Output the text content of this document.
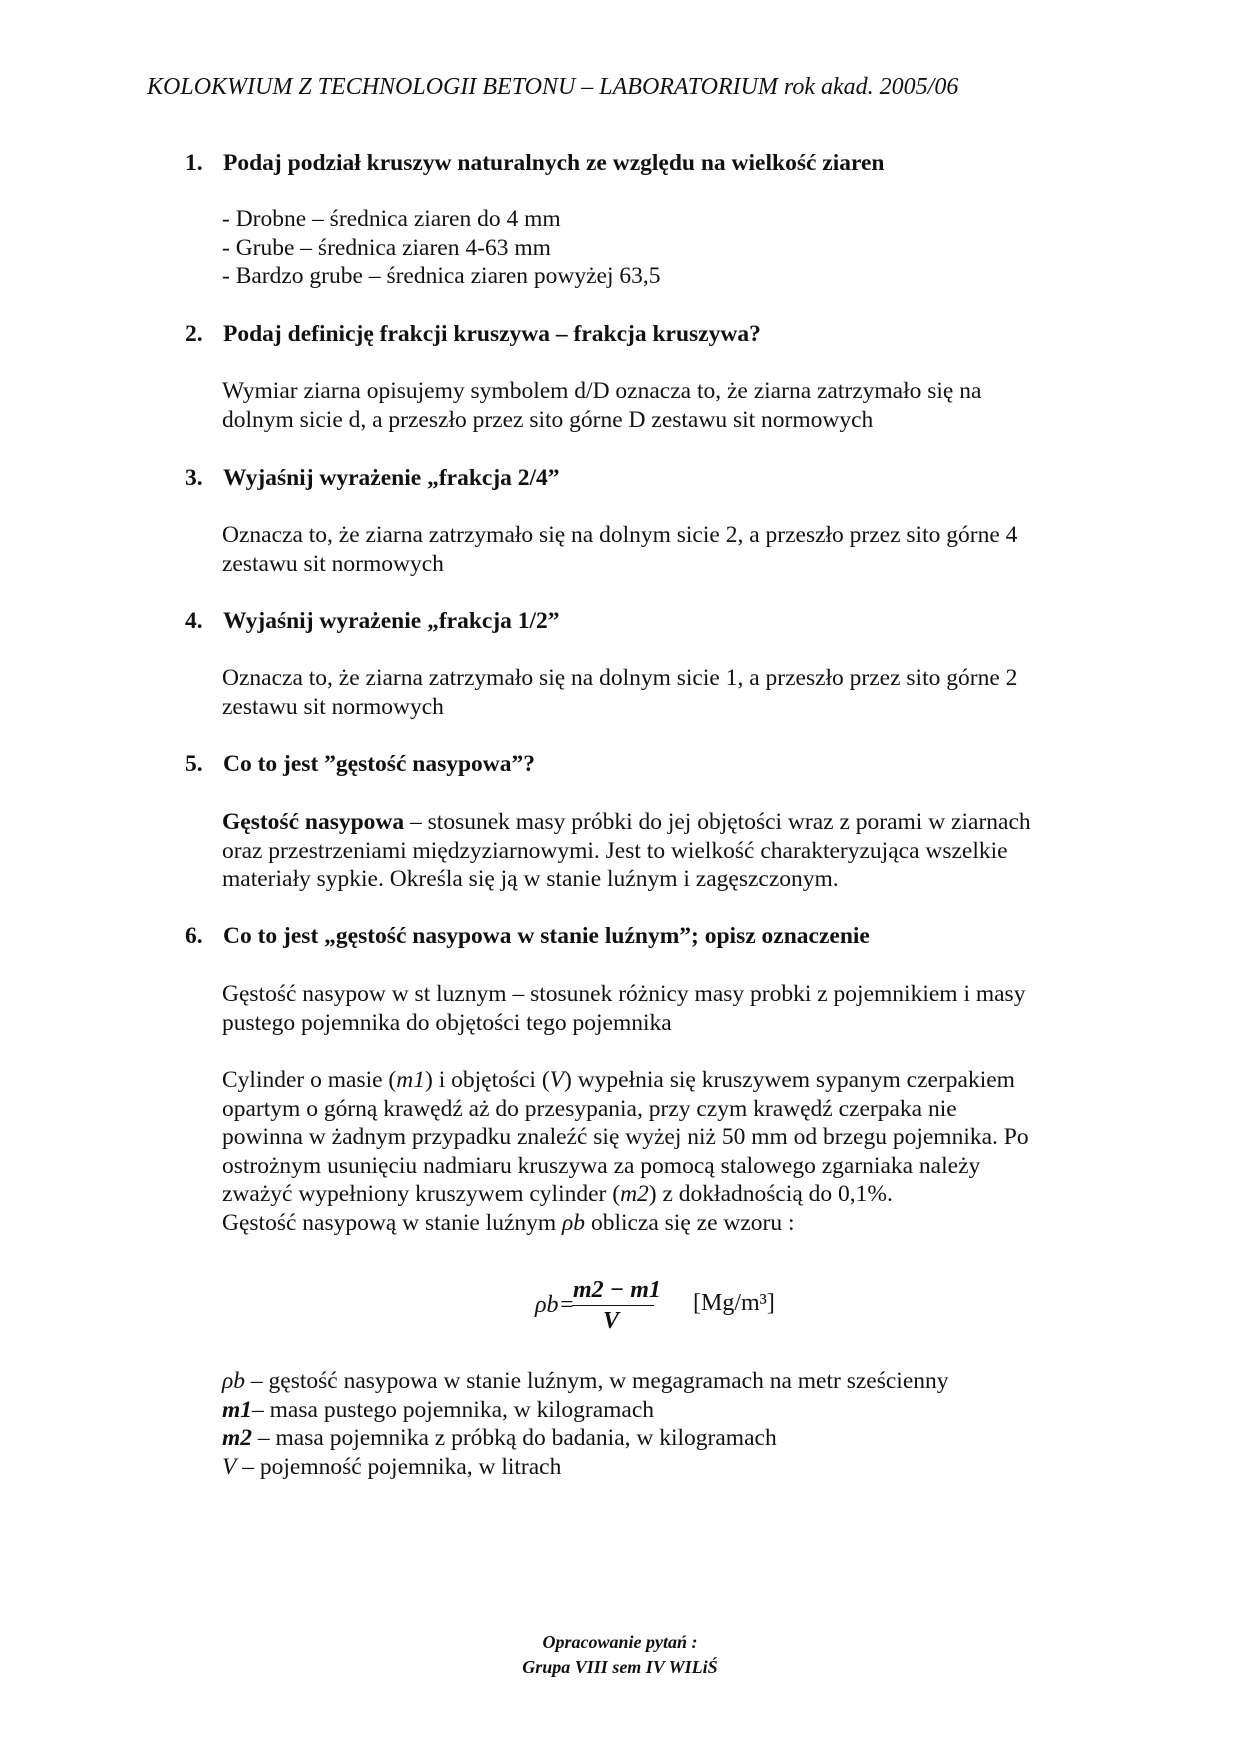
KOLOKWIUM Z TECHNOLOGII BETONU – LABORATORIUM rok akad. 2005/06
1. Podaj podział kruszyw naturalnych ze względu na wielkość ziaren
- Drobne – średnica ziaren do 4 mm
- Grube – średnica ziaren 4-63 mm
- Bardzo grube – średnica ziaren powyżej 63,5
2. Podaj definicję frakcji kruszywa – frakcja kruszywa?
Wymiar ziarna opisujemy symbolem d/D oznacza to, że ziarna zatrzymało się na
dolnym sicie d, a przeszło przez sito górne D zestawu sit normowych
3. Wyjaśnij wyrażenie „frakcja 2/4”
Oznacza to, że ziarna zatrzymało się na dolnym sicie 2, a przeszło przez sito górne 4
zestawu sit normowych
4. Wyjaśnij wyrażenie „frakcja 1/2”
Oznacza to, że ziarna zatrzymało się na dolnym sicie 1, a przeszło przez sito górne 2
zestawu sit normowych
5. Co to jest ”gęstość nasypowa”?
Gęstość nasypowa – stosunek masy próbki do jej objętości wraz z porami w ziarnach
oraz przestrzeniami międzyziarnowymi. Jest to wielkość charakteryzująca wszelkie
materiały sypkie. Określa się ją w stanie luźnym i zagęszczonym.
6. Co to jest „gęstość nasypowa w stanie luźnym”; opisz oznaczenie
Gęstość nasypow w st luznym – stosunek różnicy masy probki z pojemnikiem i masy
pustego pojemnika do objętości tego pojemnika
Cylinder o masie (m1) i objętości (V) wypełnia się kruszywem sypanym czerpakiem
opartym o górną krawędź aż do przesypania, przy czym krawędź czerpaka nie
powinna w żadnym przypadku znaleźć się wyżej niż 50 mm od brzegu pojemnika. Po
ostrożnym usunięciu nadmiaru kruszywa za pomocą stalowego zgarniaka należy
zważyć wypełniony kruszywem cylinder (m2) z dokładnością do 0,1%.
Gęstość nasypową w stanie luźnym ρb oblicza się ze wzoru :
ρb=
m2 − m1
V
[Mg/m³]
ρb – gęstość nasypowa w stanie luźnym, w megagramach na metr sześcienny
m1– masa pustego pojemnika, w kilogramach
m2 – masa pojemnika z próbką do badania, w kilogramach
V – pojemność pojemnika, w litrach
Opracowanie pytań :
Grupa VIII sem IV WILiŚ
